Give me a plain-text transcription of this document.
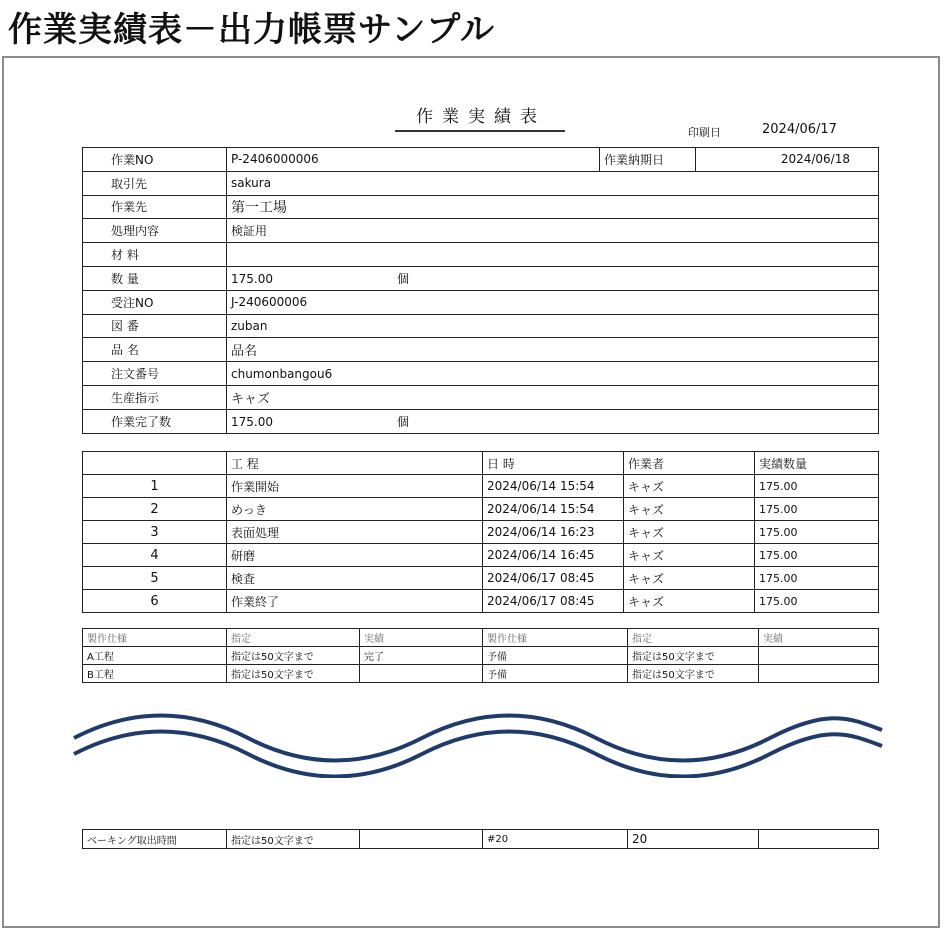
作業実績表－出力帳票サンプル
作業実績表
印刷日	2024/06/17
作業NO	P-2406000006		作業納期日	2024/06/18
取引先	sakura			
作業先	第一工場			
処理内容	検証用			
材 料				
数 量	175.00 個			
受注NO	J-240600006			
図 番	zuban			
品 名	品名			
注文番号	chumonbangou6			
生産指示	キャズ			
作業完了数	175.00 個			
	工 程	日 時	作業者	実績数量
1	作業開始	2024/06/14 15:54	キャズ	175.00
2	めっき	2024/06/14 15:54	キャズ	175.00
3	表面処理	2024/06/14 16:23	キャズ	175.00
4	研磨	2024/06/14 16:45	キャズ	175.00
5	検査	2024/06/17 08:45	キャズ	175.00
6	作業終了	2024/06/17 08:45	キャズ	175.00
製作仕様	指定	実績	製作仕様	指定	実績
A工程	指定は50文字まで	完了	予備	指定は50文字まで	
B工程	指定は50文字まで		予備	指定は50文字まで	
ベーキング取出時間	指定は50文字まで		#20	20	
